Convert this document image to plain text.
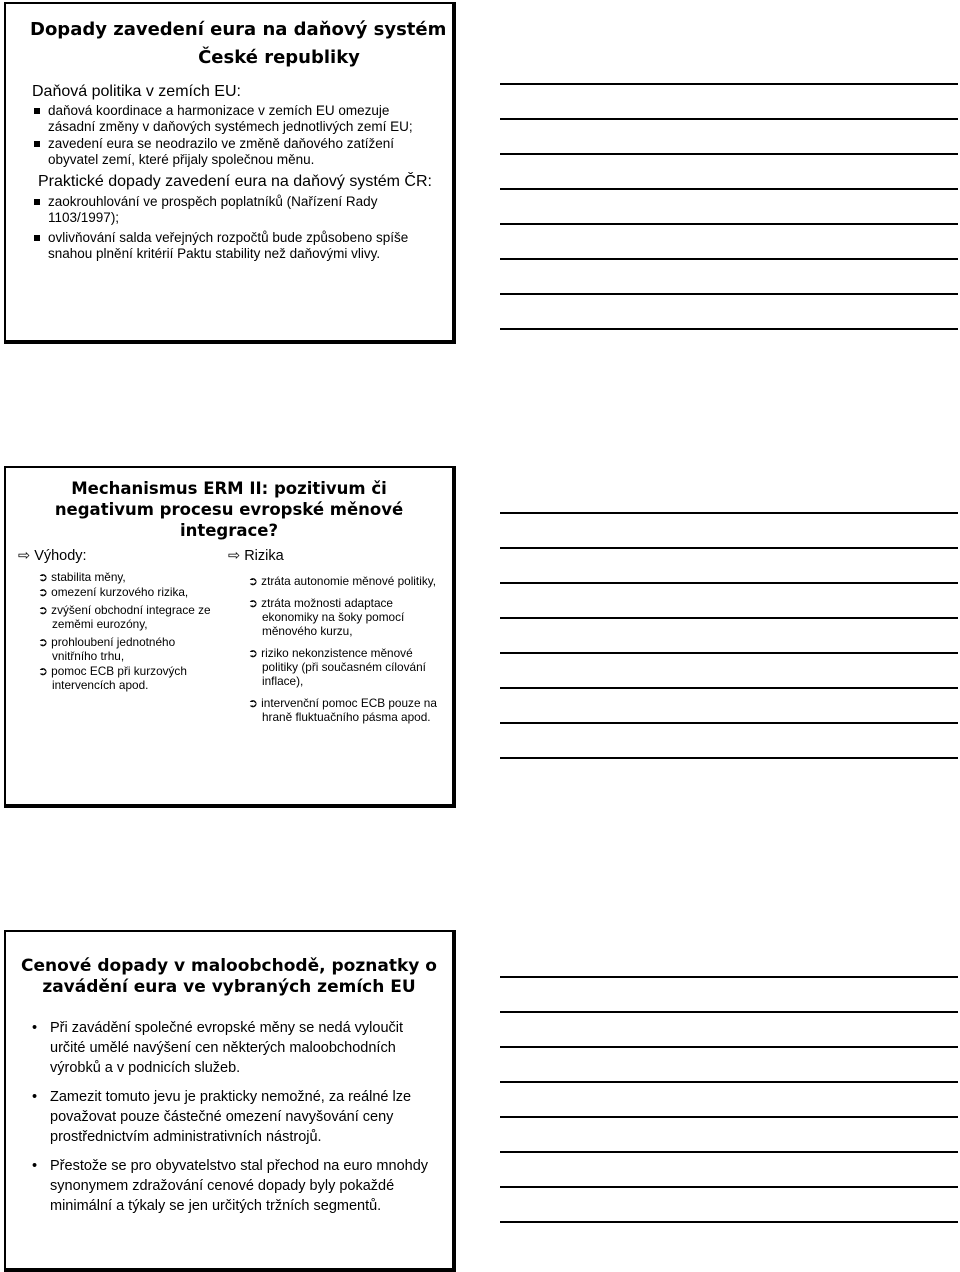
Dopady zavedení eura na daňový systém

České republiky

Daňová politika v zemích EU:
daňová koordinace a harmonizace v zemích EU omezuje zásadní změny v daňových systémech jednotlivých zemí EU;
zavedení eura se neodrazilo ve změně daňového zatížení obyvatel zemí, které přijaly společnou měnu.
Praktické dopady zavedení eura na daňový systém ČR:
zaokrouhlování ve prospěch poplatníků (Nařízení Rady 1103/1997);
ovlivňování salda veřejných rozpočtů bude způsobeno spíše snahou plnění kritérií Paktu stability než daňovými vlivy.

Mechanismus ERM II: pozitivum či negativum procesu evropské měnové integrace?

⇨ Výhody:
➲ stabilita měny,
➲ omezení kurzového rizika,
➲ zvýšení obchodní integrace ze zeměmi eurozóny,
➲ prohloubení jednotného vnitřního trhu,
➲ pomoc ECB při kurzových intervencích apod.
⇨ Rizika
➲ ztráta autonomie měnové politiky,
➲ ztráta možnosti adaptace ekonomiky na šoky pomocí měnového kurzu,
➲ riziko nekonzistence měnové politiky (při současném cílování inflace),
➲ intervenční pomoc ECB pouze na hraně fluktuačního pásma apod.

Cenové dopady v maloobchodě, poznatky o zavádění eura ve vybraných zemích EU

• Při zavádění společné evropské měny se nedá vyloučit určité umělé navýšení cen některých maloobchodních výrobků a v podnicích služeb.
• Zamezit tomuto jevu je prakticky nemožné, za reálné lze považovat pouze částečné omezení navyšování ceny prostřednictvím administrativních nástrojů.
• Přestože se pro obyvatelstvo stal přechod na euro mnohdy synonymem zdražování cenové dopady byly pokaždé minimální a týkaly se jen určitých tržních segmentů.
